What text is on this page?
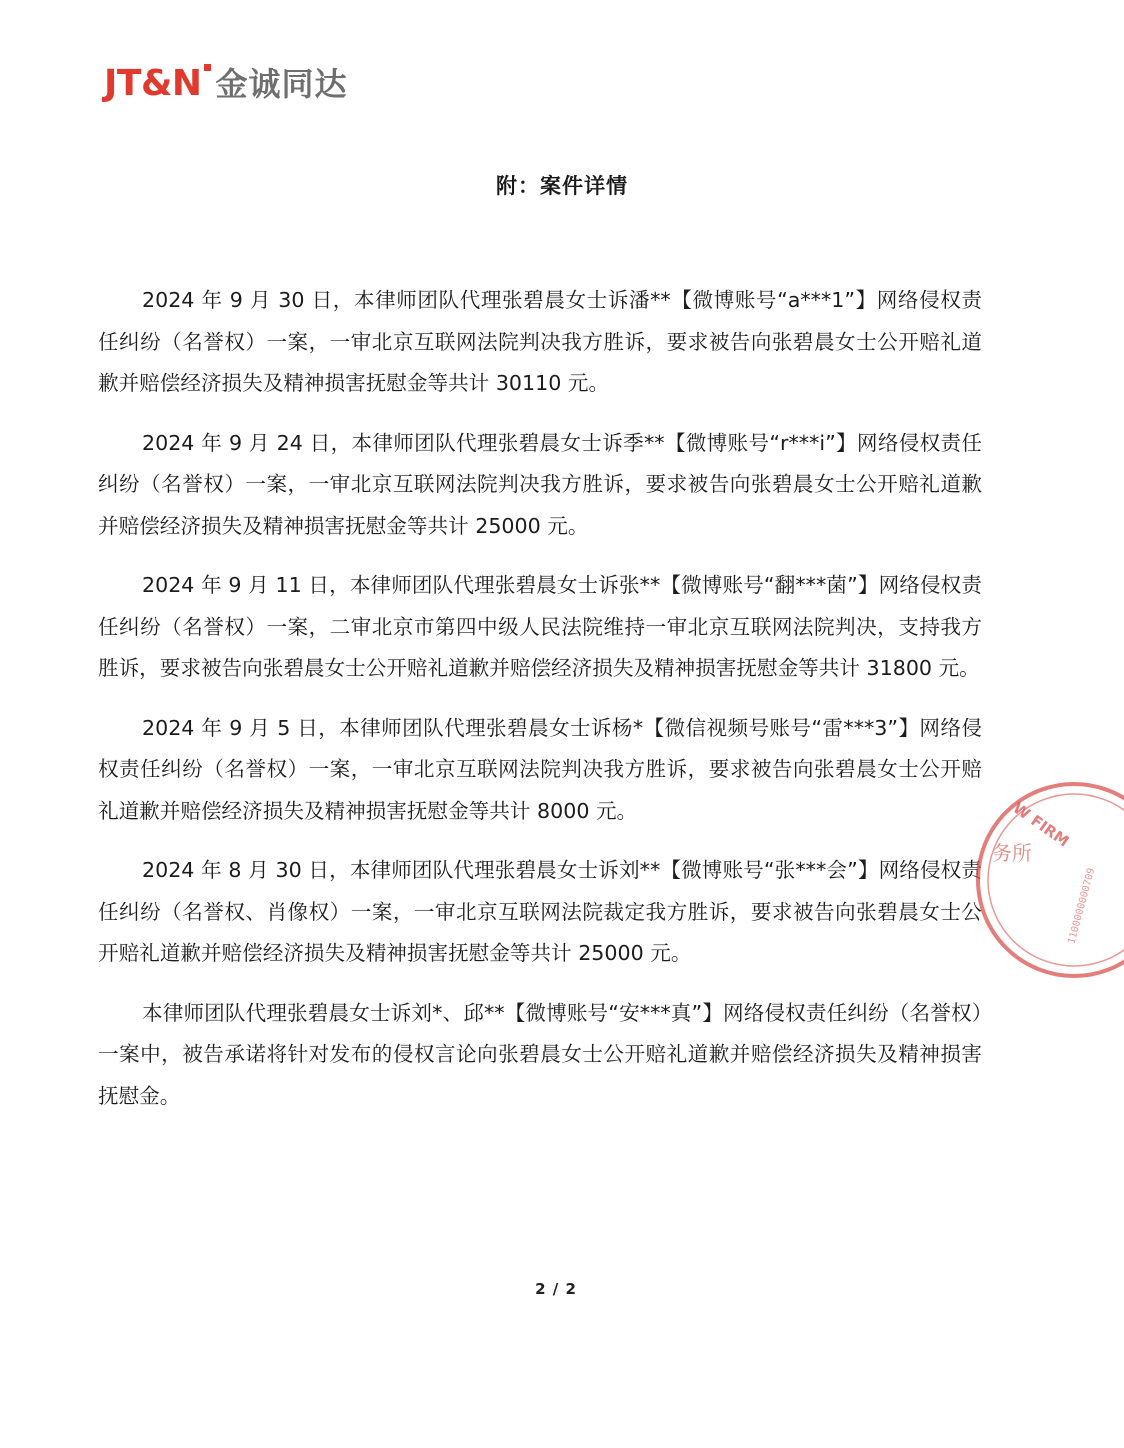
JT&N 金诚同达
附：案件详情

2024 年 9 月 30 日，本律师团队代理张碧晨女士诉潘**【微博账号“a***1”】网络侵权责任纠纷（名誉权）一案，一审北京互联网法院判决我方胜诉，要求被告向张碧晨女士公开赔礼道歉并赔偿经济损失及精神损害抚慰金等共计 30110 元。

2024 年 9 月 24 日，本律师团队代理张碧晨女士诉季**【微博账号“r***i”】网络侵权责任纠纷（名誉权）一案，一审北京互联网法院判决我方胜诉，要求被告向张碧晨女士公开赔礼道歉并赔偿经济损失及精神损害抚慰金等共计 25000 元。

2024 年 9 月 11 日，本律师团队代理张碧晨女士诉张**【微博账号“翻***菌”】网络侵权责任纠纷（名誉权）一案，二审北京市第四中级人民法院维持一审北京互联网法院判决，支持我方胜诉，要求被告向张碧晨女士公开赔礼道歉并赔偿经济损失及精神损害抚慰金等共计 31800 元。

2024 年 9 月 5 日，本律师团队代理张碧晨女士诉杨*【微信视频号账号“雷***3”】网络侵权责任纠纷（名誉权）一案，一审北京互联网法院判决我方胜诉，要求被告向张碧晨女士公开赔礼道歉并赔偿经济损失及精神损害抚慰金等共计 8000 元。

2024 年 8 月 30 日，本律师团队代理张碧晨女士诉刘**【微博账号“张***会”】网络侵权责任纠纷（名誉权、肖像权）一案，一审北京互联网法院裁定我方胜诉，要求被告向张碧晨女士公开赔礼道歉并赔偿经济损失及精神损害抚慰金等共计 25000 元。

本律师团队代理张碧晨女士诉刘*、邱**【微博账号“安***真”】网络侵权责任纠纷（名誉权）一案中，被告承诺将针对发布的侵权言论向张碧晨女士公开赔礼道歉并赔偿经济损失及精神损害抚慰金。

W FIRM
务所
1100000000709
2 / 2
